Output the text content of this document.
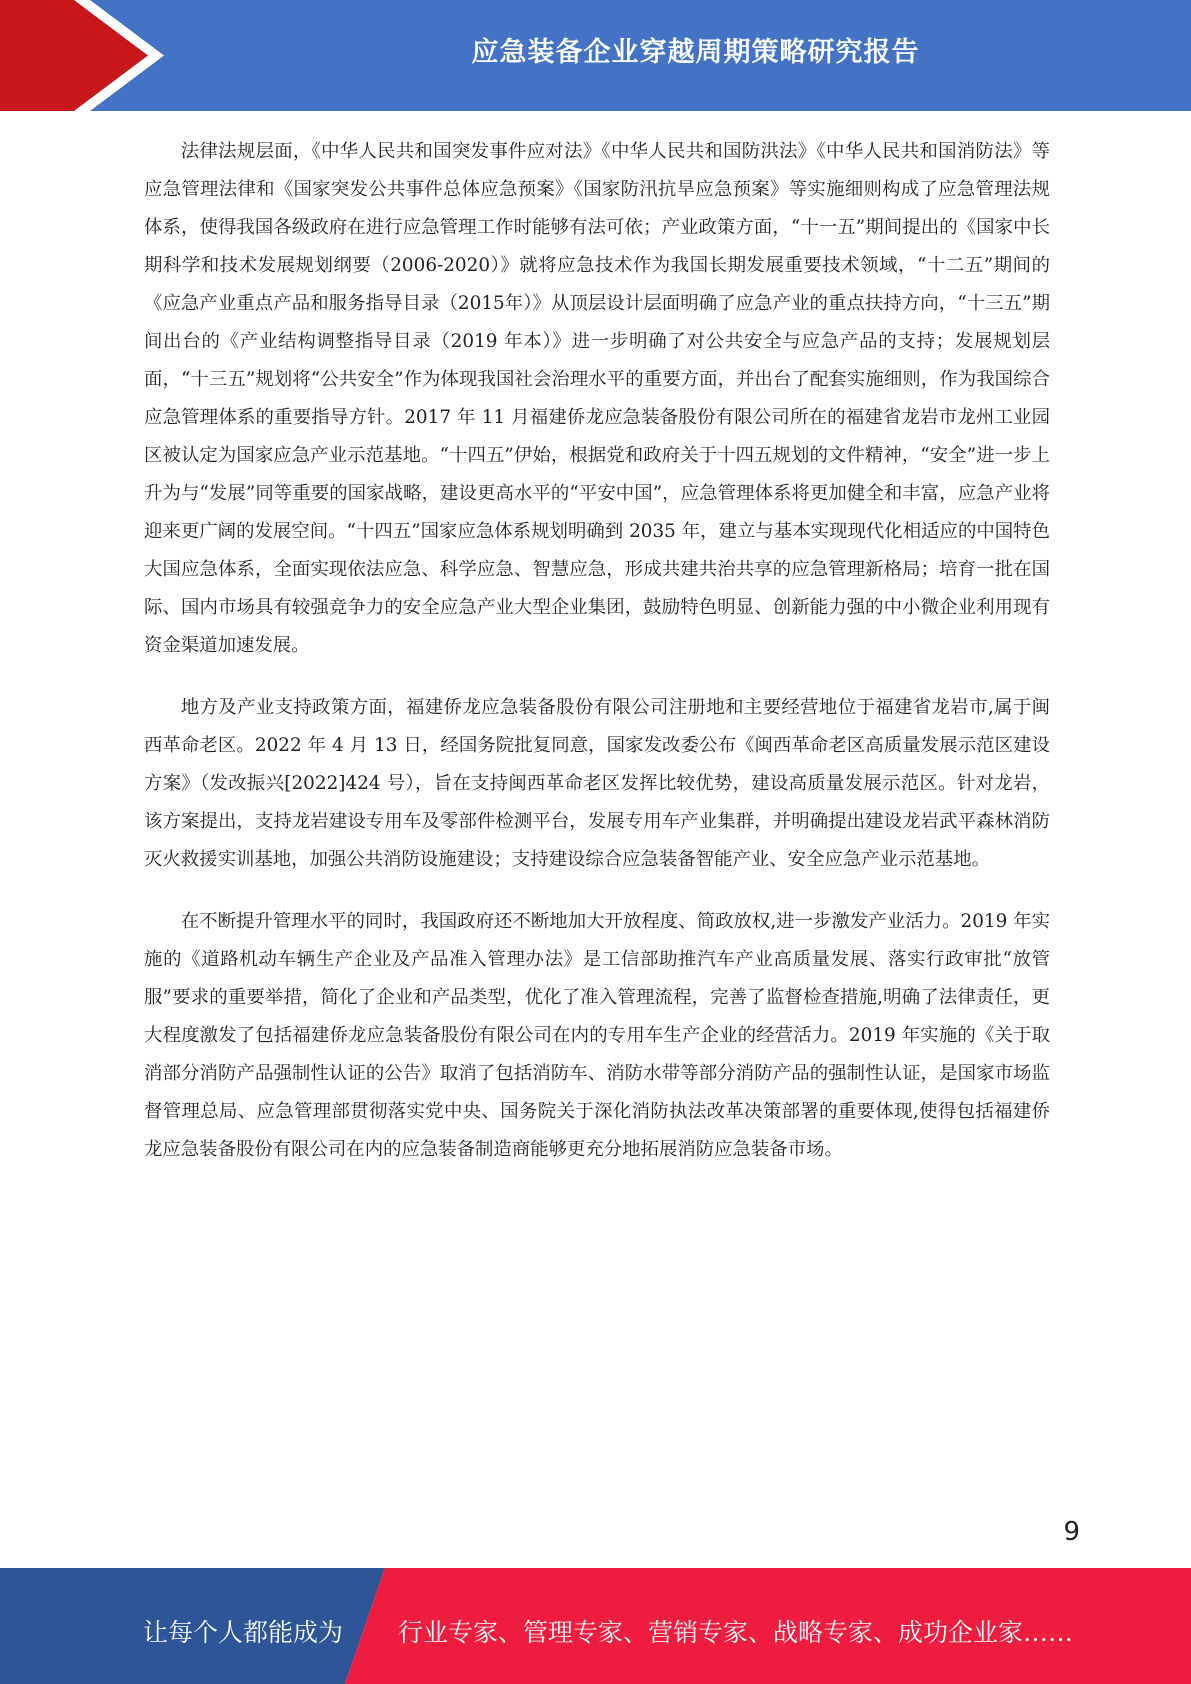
应急装备企业穿越周期策略研究报告

法律法规层面，《中华人民共和国突发事件应对法》《中华人民共和国防洪法》《中华人民共和国消防法》等应急管理法律和《国家突发公共事件总体应急预案》《国家防汛抗旱应急预案》等实施细则构成了应急管理法规体系，使得我国各级政府在进行应急管理工作时能够有法可依；产业政策方面，“十一五”期间提出的《国家中长期科学和技术发展规划纲要（2006-2020）》就将应急技术作为我国长期发展重要技术领域，“十二五”期间的《应急产业重点产品和服务指导目录（2015年）》从顶层设计层面明确了应急产业的重点扶持方向，“十三五”期间出台的《产业结构调整指导目录（2019 年本）》进一步明确了对公共安全与应急产品的支持；发展规划层面，“十三五”规划将“公共安全”作为体现我国社会治理水平的重要方面，并出台了配套实施细则，作为我国综合应急管理体系的重要指导方针。2017 年 11 月福建侨龙应急装备股份有限公司所在的福建省龙岩市龙州工业园区被认定为国家应急产业示范基地。“十四五”伊始，根据党和政府关于十四五规划的文件精神，“安全”进一步上升为与“发展”同等重要的国家战略，建设更高水平的“平安中国”，应急管理体系将更加健全和丰富，应急产业将迎来更广阔的发展空间。“十四五”国家应急体系规划明确到 2035 年，建立与基本实现现代化相适应的中国特色大国应急体系，全面实现依法应急、科学应急、智慧应急，形成共建共治共享的应急管理新格局；培育一批在国际、国内市场具有较强竞争力的安全应急产业大型企业集团，鼓励特色明显、创新能力强的中小微企业利用现有资金渠道加速发展。

地方及产业支持政策方面，福建侨龙应急装备股份有限公司注册地和主要经营地位于福建省龙岩市,属于闽西革命老区。2022 年 4 月 13 日，经国务院批复同意，国家发改委公布《闽西革命老区高质量发展示范区建设方案》（发改振兴[2022]424 号），旨在支持闽西革命老区发挥比较优势，建设高质量发展示范区。针对龙岩，该方案提出，支持龙岩建设专用车及零部件检测平台，发展专用车产业集群，并明确提出建设龙岩武平森林消防灭火救援实训基地，加强公共消防设施建设；支持建设综合应急装备智能产业、安全应急产业示范基地。

在不断提升管理水平的同时，我国政府还不断地加大开放程度、简政放权,进一步激发产业活力。2019 年实施的《道路机动车辆生产企业及产品准入管理办法》是工信部助推汽车产业高质量发展、落实行政审批“放管服”要求的重要举措，简化了企业和产品类型，优化了准入管理流程，完善了监督检查措施,明确了法律责任，更大程度激发了包括福建侨龙应急装备股份有限公司在内的专用车生产企业的经营活力。2019 年实施的《关于取消部分消防产品强制性认证的公告》取消了包括消防车、消防水带等部分消防产品的强制性认证，是国家市场监督管理总局、应急管理部贯彻落实党中央、国务院关于深化消防执法改革决策部署的重要体现,使得包括福建侨龙应急装备股份有限公司在内的应急装备制造商能够更充分地拓展消防应急装备市场。

9
让每个人都能成为 行业专家、管理专家、营销专家、战略专家、成功企业家……
